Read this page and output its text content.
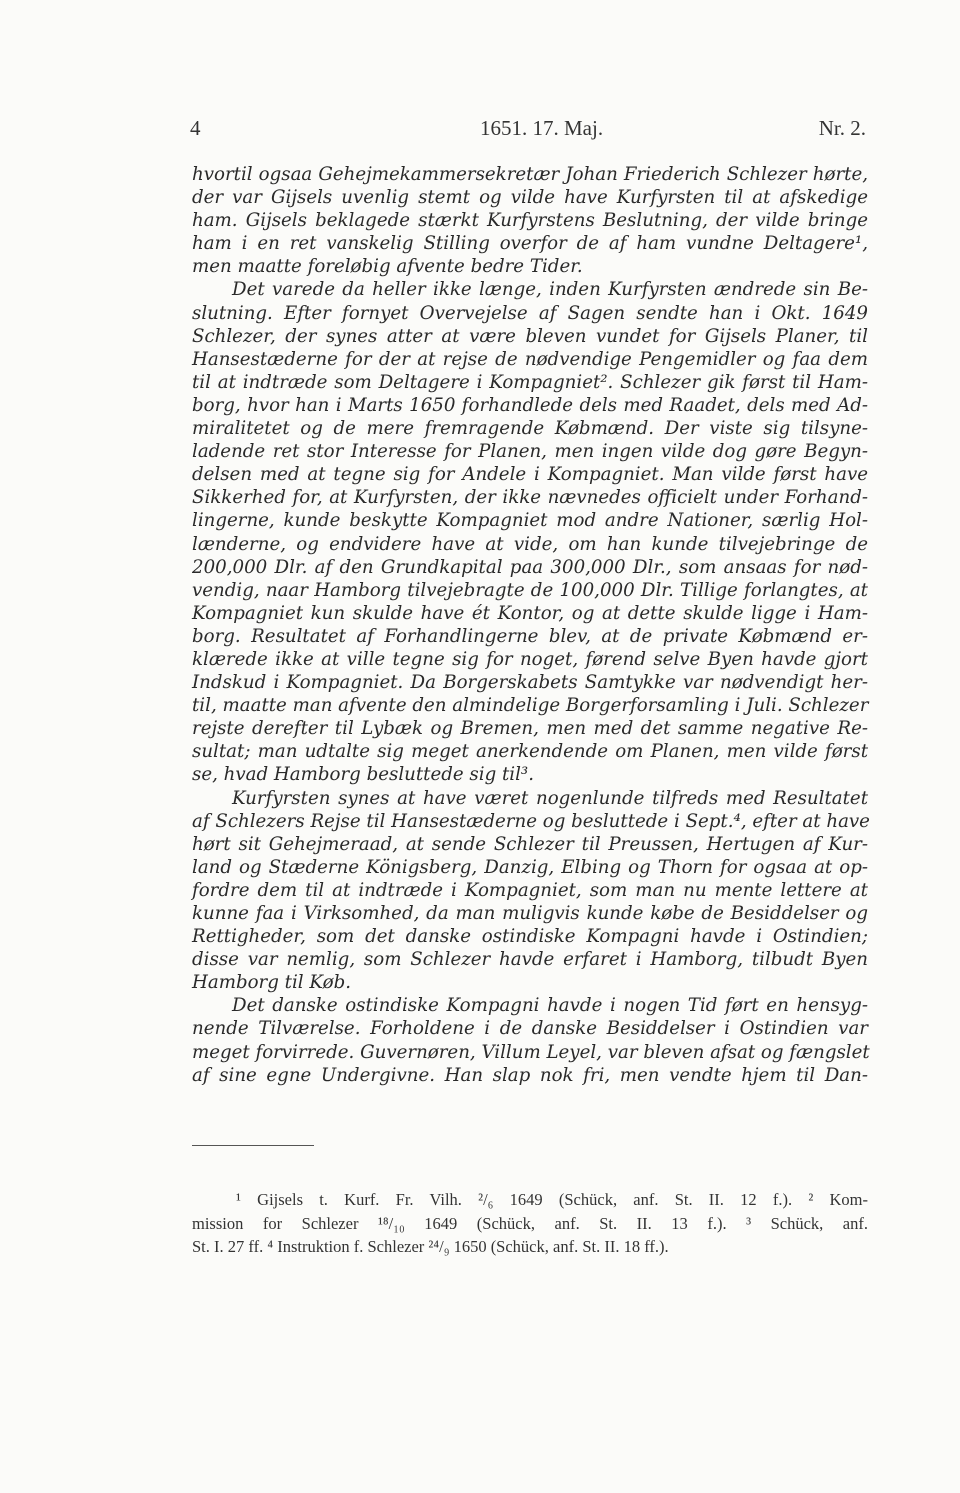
4	1651. 17. Maj.	Nr. 2.
hvortil ogsaa Gehejmekammersekretær Johan Friederich Schlezer hørte,
der var Gijsels uvenlig stemt og vilde have Kurfyrsten til at afskedige
ham. Gijsels beklagede stærkt Kurfyrstens Beslutning, der vilde bringe
ham i en ret vanskelig Stilling overfor de af ham vundne Deltagere¹,
men maatte foreløbig afvente bedre Tider.
Det varede da heller ikke længe, inden Kurfyrsten ændrede sin Be-
slutning. Efter fornyet Overvejelse af Sagen sendte han i Okt. 1649
Schlezer, der synes atter at være bleven vundet for Gijsels Planer, til
Hansestæderne for der at rejse de nødvendige Pengemidler og faa dem
til at indtræde som Deltagere i Kompagniet². Schlezer gik først til Ham-
borg, hvor han i Marts 1650 forhandlede dels med Raadet, dels med Ad-
miralitetet og de mere fremragende Købmænd. Der viste sig tilsyne-
ladende ret stor Interesse for Planen, men ingen vilde dog gøre Begyn-
delsen med at tegne sig for Andele i Kompagniet. Man vilde først have
Sikkerhed for, at Kurfyrsten, der ikke nævnedes officielt under Forhand-
lingerne, kunde beskytte Kompagniet mod andre Nationer, særlig Hol-
lænderne, og endvidere have at vide, om han kunde tilvejebringe de
200,000 Dlr. af den Grundkapital paa 300,000 Dlr., som ansaas for nød-
vendig, naar Hamborg tilvejebragte de 100,000 Dlr. Tillige forlangtes, at
Kompagniet kun skulde have ét Kontor, og at dette skulde ligge i Ham-
borg. Resultatet af Forhandlingerne blev, at de private Købmænd er-
klærede ikke at ville tegne sig for noget, førend selve Byen havde gjort
Indskud i Kompagniet. Da Borgerskabets Samtykke var nødvendigt her-
til, maatte man afvente den almindelige Borgerforsamling i Juli. Schlezer
rejste derefter til Lybæk og Bremen, men med det samme negative Re-
sultat; man udtalte sig meget anerkendende om Planen, men vilde først
se, hvad Hamborg besluttede sig til³.
Kurfyrsten synes at have været nogenlunde tilfreds med Resultatet
af Schlezers Rejse til Hansestæderne og besluttede i Sept.⁴, efter at have
hørt sit Gehejmeraad, at sende Schlezer til Preussen, Hertugen af Kur-
land og Stæderne Königsberg, Danzig, Elbing og Thorn for ogsaa at op-
fordre dem til at indtræde i Kompagniet, som man nu mente lettere at
kunne faa i Virksomhed, da man muligvis kunde købe de Besiddelser og
Rettigheder, som det danske ostindiske Kompagni havde i Ostindien;
disse var nemlig, som Schlezer havde erfaret i Hamborg, tilbudt Byen
Hamborg til Køb.
Det danske ostindiske Kompagni havde i nogen Tid ført en hensyg-
nende Tilværelse. Forholdene i de danske Besiddelser i Ostindien var
meget forvirrede. Guvernøren, Villum Leyel, var bleven afsat og fængslet
af sine egne Undergivne. Han slap nok fri, men vendte hjem til Dan-
¹ Gijsels t. Kurf. Fr. Vilh. ²/₆ 1649 (Schück, anf. St. II. 12 f.). ² Kom-
mission for Schlezer ¹⁸/₁₀ 1649 (Schück, anf. St. II. 13 f.). ³ Schück, anf.
St. I. 27 ff. ⁴ Instruktion f. Schlezer ²⁴/₉ 1650 (Schück, anf. St. II. 18 ff.).
